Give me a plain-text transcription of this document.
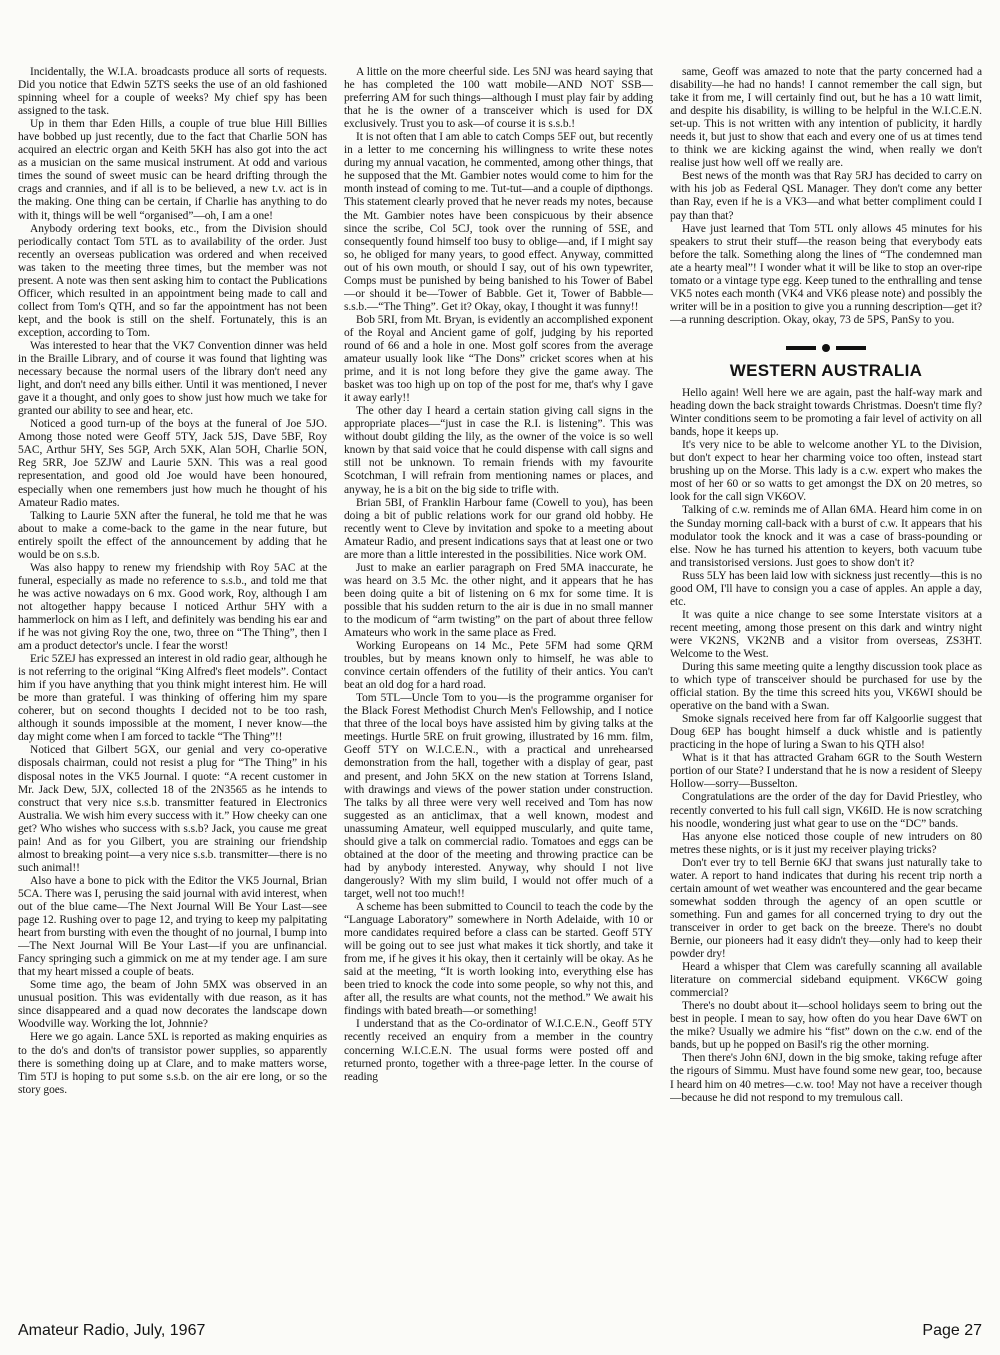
Incidentally, the W.I.A. broadcasts produce all sorts of requests. Did you notice that Edwin 5ZTS seeks the use of an old fashioned spinning wheel for a couple of weeks? My chief spy has been assigned to the task.

Up in them thar Eden Hills, a couple of true blue Hill Billies have bobbed up just recently, due to the fact that Charlie 5ON has acquired an electric organ and Keith 5KH has also got into the act as a musician on the same musical instrument. At odd and various times the sound of sweet music can be heard drifting through the crags and crannies, and if all is to be believed, a new t.v. act is in the making. One thing can be certain, if Charlie has anything to do with it, things will be well “organised”—oh, I am a one!

Anybody ordering text books, etc., from the Division should periodically contact Tom 5TL as to availability of the order. Just recently an overseas publication was ordered and when received was taken to the meeting three times, but the member was not present. A note was then sent asking him to contact the Publications Officer, which resulted in an appointment being made to call and collect from Tom's QTH, and so far the appointment has not been kept, and the book is still on the shelf. Fortunately, this is an exception, according to Tom.

Was interested to hear that the VK7 Convention dinner was held in the Braille Library, and of course it was found that lighting was necessary because the normal users of the library don't need any light, and don't need any bills either. Until it was mentioned, I never gave it a thought, and only goes to show just how much we take for granted our ability to see and hear, etc.

Noticed a good turn-up of the boys at the funeral of Joe 5JO. Among those noted were Geoff 5TY, Jack 5JS, Dave 5BF, Roy 5AC, Arthur 5HY, Ses 5GP, Arch 5XK, Alan 5OH, Charlie 5ON, Reg 5RR, Joe 5ZJW and Laurie 5XN. This was a real good representation, and good old Joe would have been honoured, especially when one remembers just how much he thought of his Amateur Radio mates.

Talking to Laurie 5XN after the funeral, he told me that he was about to make a come-back to the game in the near future, but entirely spoilt the effect of the announcement by adding that he would be on s.s.b.

Was also happy to renew my friendship with Roy 5AC at the funeral, especially as made no reference to s.s.b., and told me that he was active nowadays on 6 mx. Good work, Roy, although I am not altogether happy because I noticed Arthur 5HY with a hammerlock on him as I left, and definitely was bending his ear and if he was not giving Roy the one, two, three on “The Thing”, then I am a product detector's uncle. I fear the worst!

Eric 5ZEJ has expressed an interest in old radio gear, although he is not referring to the original “King Alfred's fleet models”. Contact him if you have anything that you think might interest him. He will be more than grateful. I was thinking of offering him my spare coherer, but on second thoughts I decided not to be too rash, although it sounds impossible at the moment, I never know—the day might come when I am forced to tackle “The Thing”!!

Noticed that Gilbert 5GX, our genial and very co-operative disposals chairman, could not resist a plug for “The Thing” in his disposal notes in the VK5 Journal. I quote: “A recent customer in Mr. Jack Dew, 5JX, collected 18 of the 2N3565 as he intends to construct that very nice s.s.b. transmitter featured in Electronics Australia. We wish him every success with it.” How cheeky can one get? Who wishes who success with s.s.b? Jack, you cause me great pain! And as for you Gilbert, you are straining our friendship almost to breaking point—a very nice s.s.b. transmitter—there is no such animal!!

Also have a bone to pick with the Editor the VK5 Journal, Brian 5CA. There was I, perusing the said journal with avid interest, when out of the blue came—The Next Journal Will Be Your Last—see page 12. Rushing over to page 12, and trying to keep my palpitating heart from bursting with even the thought of no journal, I bump into—The Next Journal Will Be Your Last—if you are unfinancial. Fancy springing such a gimmick on me at my tender age. I am sure that my heart missed a couple of beats.

Some time ago, the beam of John 5MX was observed in an unusual position. This was evidentally with due reason, as it has since disappeared and a quad now decorates the landscape down Woodville way. Working the lot, Johnnie?

Here we go again. Lance 5XL is reported as making enquiries as to the do's and don'ts of transistor power supplies, so apparently there is something doing up at Clare, and to make matters worse, Tim 5TJ is hoping to put some s.s.b. on the air ere long, or so the story goes.

A little on the more cheerful side. Les 5NJ was heard saying that he has completed the 100 watt mobile—AND NOT SSB—preferring AM for such things—although I must play fair by adding that he is the owner of a transceiver which is used for DX exclusively. Trust you to ask—of course it is s.s.b.!

It is not often that I am able to catch Comps 5EF out, but recently in a letter to me concerning his willingness to write these notes during my annual vacation, he commented, among other things, that he supposed that the Mt. Gambier notes would come to him for the month instead of coming to me. Tut-tut—and a couple of dipthongs. This statement clearly proved that he never reads my notes, because the Mt. Gambier notes have been conspicuous by their absence since the scribe, Col 5CJ, took over the running of 5SE, and consequently found himself too busy to oblige—and, if I might say so, he obliged for many years, to good effect. Anyway, committed out of his own mouth, or should I say, out of his own typewriter, Comps must be punished by being banished to his Tower of Babel—or should it be—Tower of Babble. Get it, Tower of Babble—s.s.b.—“The Thing”. Get it? Okay, okay, I thought it was funny!!

Bob 5RI, from Mt. Bryan, is evidently an accomplished exponent of the Royal and Ancient game of golf, judging by his reported round of 66 and a hole in one. Most golf scores from the average amateur usually look like “The Dons” cricket scores when at his prime, and it is not long before they give the game away. The basket was too high up on top of the post for me, that's why I gave it away early!!

The other day I heard a certain station giving call signs in the appropriate places—“just in case the R.I. is listening”. This was without doubt gilding the lily, as the owner of the voice is so well known by that said voice that he could dispense with call signs and still not be unknown. To remain friends with my favourite Scotchman, I will refrain from mentioning names or places, and anyway, he is a bit on the big side to trifle with.

Brian 5BI, of Franklin Harbour fame (Cowell to you), has been doing a bit of public relations work for our grand old hobby. He recently went to Cleve by invitation and spoke to a meeting about Amateur Radio, and present indications says that at least one or two are more than a little interested in the possibilities. Nice work OM.

Just to make an earlier paragraph on Fred 5MA inaccurate, he was heard on 3.5 Mc. the other night, and it appears that he has been doing quite a bit of listening on 6 mx for some time. It is possible that his sudden return to the air is due in no small manner to the modicum of “arm twisting” on the part of about three fellow Amateurs who work in the same place as Fred.

Working Europeans on 14 Mc., Pete 5FM had some QRM troubles, but by means known only to himself, he was able to convince certain offenders of the futility of their antics. You can't beat an old dog for a hard road.

Tom 5TL—Uncle Tom to you—is the programme organiser for the Black Forest Methodist Church Men's Fellowship, and I notice that three of the local boys have assisted him by giving talks at the meetings. Hurtle 5RE on fruit growing, illustrated by 16 mm. film, Geoff 5TY on W.I.C.E.N., with a practical and unrehearsed demonstration from the hall, together with a display of gear, past and present, and John 5KX on the new station at Torrens Island, with drawings and views of the power station under construction. The talks by all three were very well received and Tom has now suggested as an anticlimax, that a well known, modest and unassuming Amateur, well equipped muscularly, and quite tame, should give a talk on commercial radio. Tomatoes and eggs can be obtained at the door of the meeting and throwing practice can be had by anybody interested. Anyway, why should I not live dangerously? With my slim build, I would not offer much of a target, well not too much!!

A scheme has been submitted to Council to teach the code by the “Language Laboratory” somewhere in North Adelaide, with 10 or more candidates required before a class can be started. Geoff 5TY will be going out to see just what makes it tick shortly, and take it from me, if he gives it his okay, then it certainly will be okay. As he said at the meeting, “It is worth looking into, everything else has been tried to knock the code into some people, so why not this, and after all, the results are what counts, not the method.” We await his findings with bated breath—or something!

I understand that as the Co-ordinator of W.I.C.E.N., Geoff 5TY recently received an enquiry from a member in the country concerning W.I.C.E.N. The usual forms were posted off and returned pronto, together with a three-page letter. In the course of reading

same, Geoff was amazed to note that the party concerned had a disability—he had no hands! I cannot remember the call sign, but take it from me, I will certainly find out, but he has a 10 watt limit, and despite his disability, is willing to be helpful in the W.I.C.E.N. set-up. This is not written with any intention of publicity, it hardly needs it, but just to show that each and every one of us at times tend to think we are kicking against the wind, when really we don't realise just how well off we really are.

Best news of the month was that Ray 5RJ has decided to carry on with his job as Federal QSL Manager. They don't come any better than Ray, even if he is a VK3—and what better compliment could I pay than that?

Have just learned that Tom 5TL only allows 45 minutes for his speakers to strut their stuff—the reason being that everybody eats before the talk. Something along the lines of “The condemned man ate a hearty meal”! I wonder what it will be like to stop an over-ripe tomato or a vintage type egg. Keep tuned to the enthralling and tense VK5 notes each month (VK4 and VK6 please note) and possibly the writer will be in a position to give you a running description—get it?—a running description. Okay, okay, 73 de 5PS, PanSy to you.

WESTERN AUSTRALIA

Hello again! Well here we are again, past the half-way mark and heading down the back straight towards Christmas. Doesn't time fly? Winter conditions seem to be promoting a fair level of activity on all bands, hope it keeps up.

It's very nice to be able to welcome another YL to the Division, but don't expect to hear her charming voice too often, instead start brushing up on the Morse. This lady is a c.w. expert who makes the most of her 60 or so watts to get amongst the DX on 20 metres, so look for the call sign VK6OV.

Talking of c.w. reminds me of Allan 6MA. Heard him come in on the Sunday morning call-back with a burst of c.w. It appears that his modulator took the knock and it was a case of brass-pounding or else. Now he has turned his attention to keyers, both vacuum tube and transistorised versions. Just goes to show don't it?

Russ 5LY has been laid low with sickness just recently—this is no good OM, I'll have to consign you a case of apples. An apple a day, etc.

It was quite a nice change to see some Interstate visitors at a recent meeting, among those present on this dark and wintry night were VK2NS, VK2NB and a visitor from overseas, ZS3HT. Welcome to the West.

During this same meeting quite a lengthy discussion took place as to which type of transceiver should be purchased for use by the official station. By the time this screed hits you, VK6WI should be operative on the band with a Swan.

Smoke signals received here from far off Kalgoorlie suggest that Doug 6EP has bought himself a duck whistle and is patiently practicing in the hope of luring a Swan to his QTH also!

What is it that has attracted Graham 6GR to the South Western portion of our State? I understand that he is now a resident of Sleepy Hollow—sorry—Busselton.

Congratulations are the order of the day for David Priestley, who recently converted to his full call sign, VK6ID. He is now scratching his noodle, wondering just what gear to use on the “DC” bands.

Has anyone else noticed those couple of new intruders on 80 metres these nights, or is it just my receiver playing tricks?

Don't ever try to tell Bernie 6KJ that swans just naturally take to water. A report to hand indicates that during his recent trip north a certain amount of wet weather was encountered and the gear became somewhat sodden through the agency of an open scuttle or something. Fun and games for all concerned trying to dry out the transceiver in order to get back on the breeze. There's no doubt Bernie, our pioneers had it easy didn't they—only had to keep their powder dry!

Heard a whisper that Clem was carefully scanning all available literature on commercial sideband equipment. VK6CW going commercial?

There's no doubt about it—school holidays seem to bring out the best in people. I mean to say, how often do you hear Dave 6WT on the mike? Usually we admire his “fist” down on the c.w. end of the bands, but up he popped on Basil's rig the other morning.

Then there's John 6NJ, down in the big smoke, taking refuge after the rigours of Simmu. Must have found some new gear, too, because I heard him on 40 metres—c.w. too! May not have a receiver though—because he did not respond to my tremulous call.

Amateur Radio, July, 1967	Page 27
